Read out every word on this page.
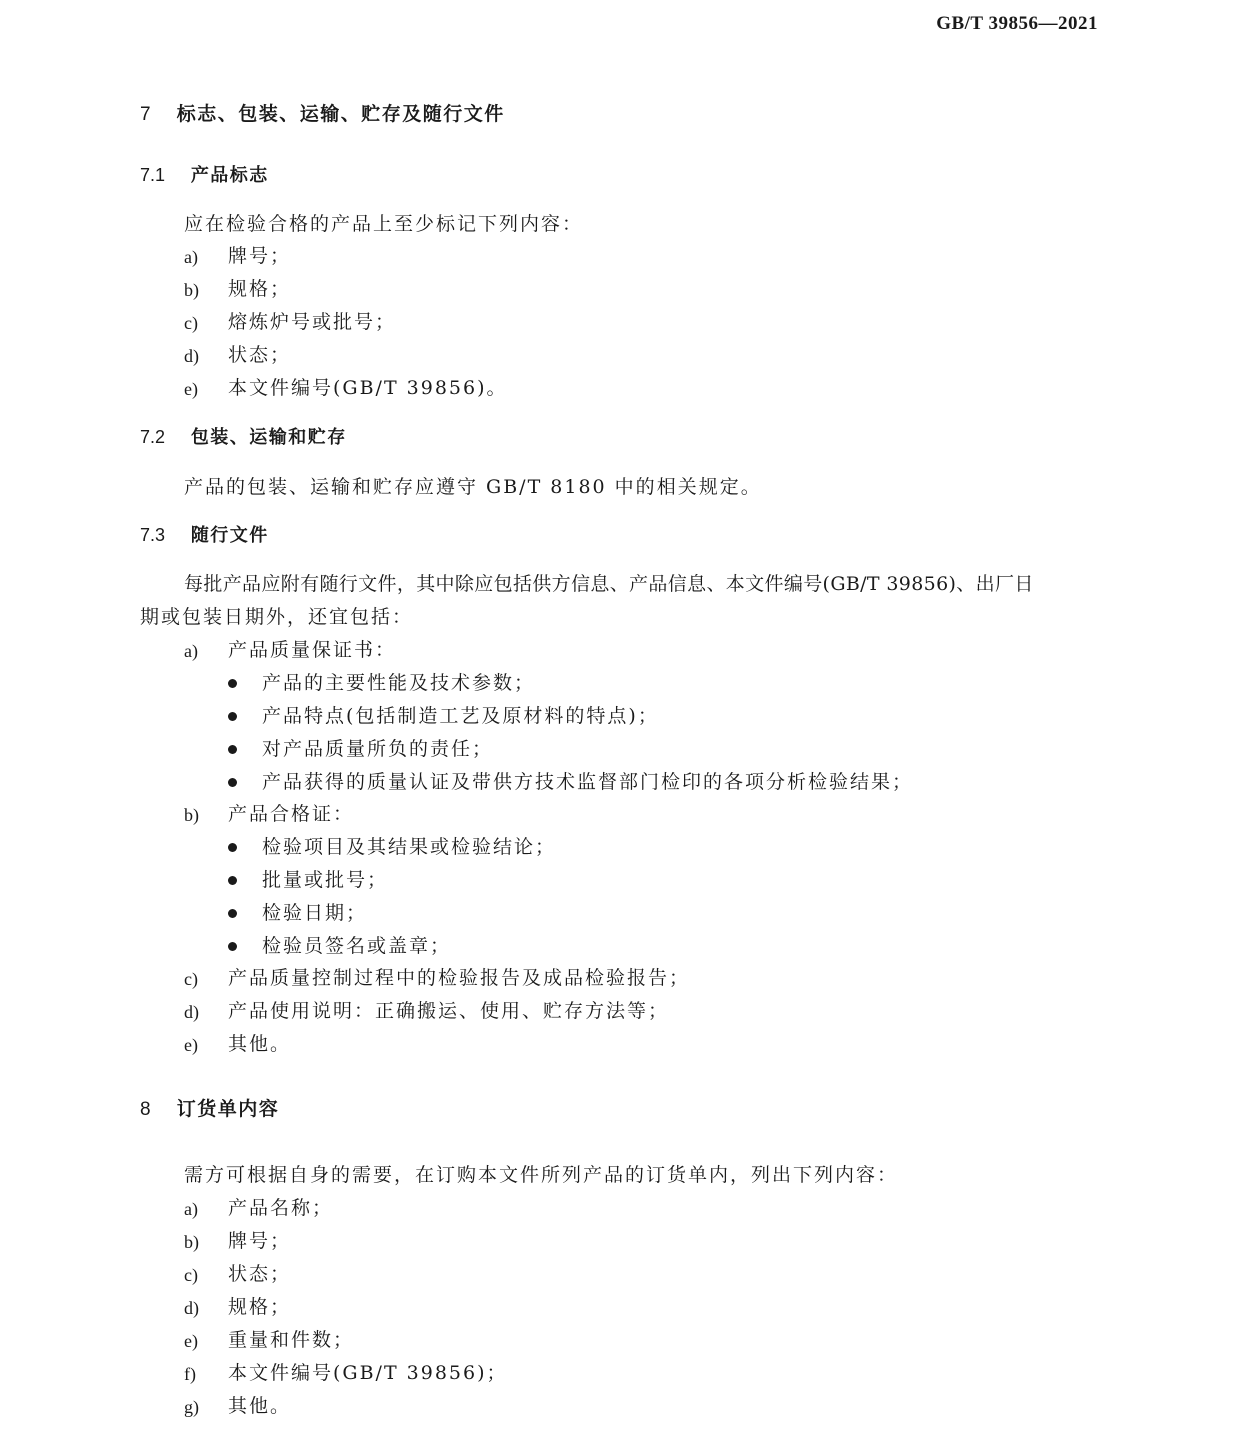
GB/T 39856—2021
7 标志、包装、运输、贮存及随行文件
7.1 产品标志
应在检验合格的产品上至少标记下列内容：
a) 牌号；
b) 规格；
c) 熔炼炉号或批号；
d) 状态；
e) 本文件编号(GB/T 39856)。
7.2 包装、运输和贮存
产品的包装、运输和贮存应遵守 GB/T 8180 中的相关规定。
7.3 随行文件
每批产品应附有随行文件，其中除应包括供方信息、产品信息、本文件编号(GB/T 39856)、出厂日
期或包装日期外，还宜包括：
a) 产品质量保证书：
产品的主要性能及技术参数；
产品特点(包括制造工艺及原材料的特点)；
对产品质量所负的责任；
产品获得的质量认证及带供方技术监督部门检印的各项分析检验结果；
b) 产品合格证：
检验项目及其结果或检验结论；
批量或批号；
检验日期；
检验员签名或盖章；
c) 产品质量控制过程中的检验报告及成品检验报告；
d) 产品使用说明：正确搬运、使用、贮存方法等；
e) 其他。
8 订货单内容
需方可根据自身的需要，在订购本文件所列产品的订货单内，列出下列内容：
a) 产品名称；
b) 牌号；
c) 状态；
d) 规格；
e) 重量和件数；
f) 本文件编号(GB/T 39856)；
g) 其他。
